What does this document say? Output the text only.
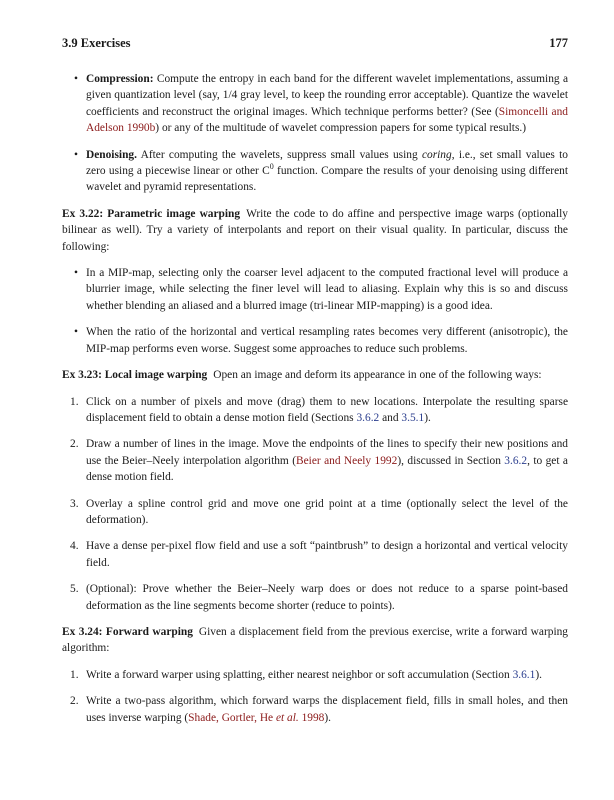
3.9 Exercises	177
• Compression: Compute the entropy in each band for the different wavelet implementations, assuming a given quantization level (say, 1/4 gray level, to keep the rounding error acceptable). Quantize the wavelet coefficients and reconstruct the original images. Which technique performs better? (See (Simoncelli and Adelson 1990b) or any of the multitude of wavelet compression papers for some typical results.)
• Denoising. After computing the wavelets, suppress small values using coring, i.e., set small values to zero using a piecewise linear or other $C^0$ function. Compare the results of your denoising using different wavelet and pyramid representations.

Ex 3.22: Parametric image warping Write the code to do affine and perspective image warps (optionally bilinear as well). Try a variety of interpolants and report on their visual quality. In particular, discuss the following:

• In a MIP-map, selecting only the coarser level adjacent to the computed fractional level will produce a blurrier image, while selecting the finer level will lead to aliasing. Explain why this is so and discuss whether blending an aliased and a blurred image (tri-linear MIP-mapping) is a good idea.
• When the ratio of the horizontal and vertical resampling rates becomes very different (anisotropic), the MIP-map performs even worse. Suggest some approaches to reduce such problems.

Ex 3.23: Local image warping Open an image and deform its appearance in one of the following ways:

1. Click on a number of pixels and move (drag) them to new locations. Interpolate the resulting sparse displacement field to obtain a dense motion field (Sections 3.6.2 and 3.5.1).
2. Draw a number of lines in the image. Move the endpoints of the lines to specify their new positions and use the Beier–Neely interpolation algorithm (Beier and Neely 1992), discussed in Section 3.6.2, to get a dense motion field.
3. Overlay a spline control grid and move one grid point at a time (optionally select the level of the deformation).
4. Have a dense per-pixel flow field and use a soft “paintbrush” to design a horizontal and vertical velocity field.
5. (Optional): Prove whether the Beier–Neely warp does or does not reduce to a sparse point-based deformation as the line segments become shorter (reduce to points).

Ex 3.24: Forward warping Given a displacement field from the previous exercise, write a forward warping algorithm:

1. Write a forward warper using splatting, either nearest neighbor or soft accumulation (Section 3.6.1).
2. Write a two-pass algorithm, which forward warps the displacement field, fills in small holes, and then uses inverse warping (Shade, Gortler, He et al. 1998).
